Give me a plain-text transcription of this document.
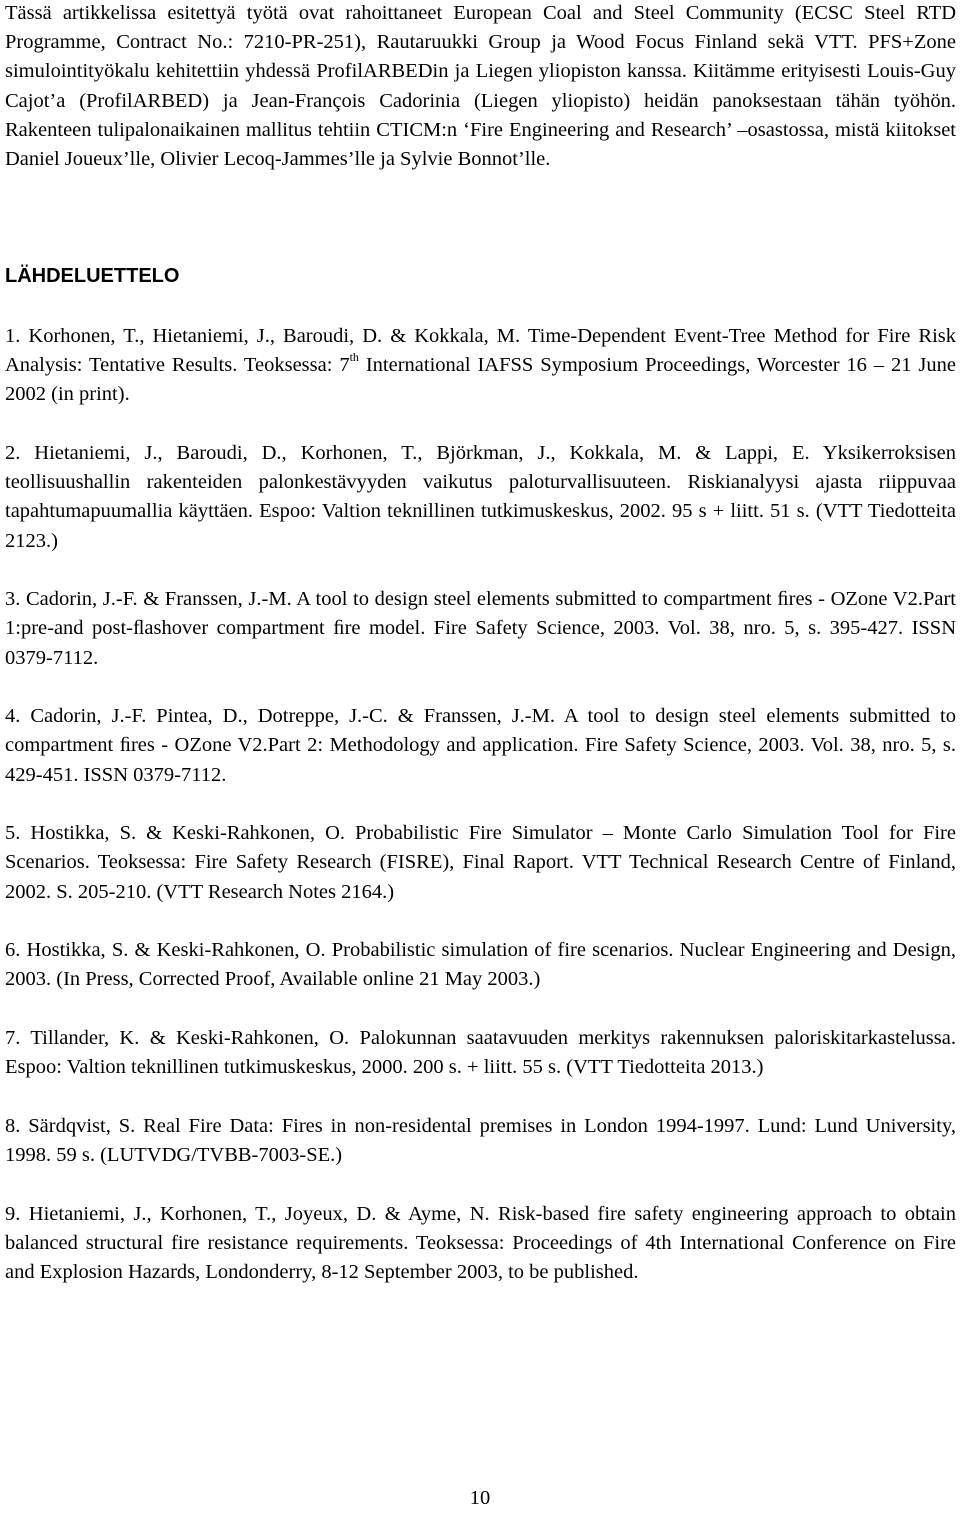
Tässä artikkelissa esitettyä työtä ovat rahoittaneet European Coal and Steel Community (ECSC Steel RTD Programme, Contract No.: 7210-PR-251), Rautaruukki Group ja Wood Focus Finland sekä VTT. PFS+Zone simulointityökalu kehitettiin yhdessä ProfilARBEDin ja Liegen yliopiston kanssa. Kiitämme erityisesti Louis-Guy Cajot’a (ProfilARBED) ja Jean-François Cadorinia (Liegen yliopisto) heidän panoksestaan tähän työhön. Rakenteen tulipalonaikainen mallitus tehtiin CTICM:n ‘Fire Engineering and Research’ –osastossa, mistä kiitokset Daniel Joueux’lle, Olivier Lecoq-Jammes’lle ja Sylvie Bonnot’lle.

LÄHDELUETTELO

1. Korhonen, T., Hietaniemi, J., Baroudi, D. & Kokkala, M. Time-Dependent Event-Tree Method for Fire Risk Analysis: Tentative Results. Teoksessa: 7th International IAFSS Symposium Proceedings, Worcester 16 – 21 June 2002 (in print).

2. Hietaniemi, J., Baroudi, D., Korhonen, T., Björkman, J., Kokkala, M. & Lappi, E. Yksikerroksisen teollisuushallin rakenteiden palonkestävyyden vaikutus paloturvallisuuteen. Riskianalyysi ajasta riippuvaa tapahtumapuumallia käyttäen. Espoo: Valtion teknillinen tutkimuskeskus, 2002. 95 s + liitt. 51 s. (VTT Tiedotteita 2123.)

3. Cadorin, J.-F. & Franssen, J.-M. A tool to design steel elements submitted to compartment ﬁres - OZone V2.Part 1:pre-and post-ﬂashover compartment ﬁre model. Fire Safety Science, 2003. Vol. 38, nro. 5, s. 395-427. ISSN 0379-7112.

4. Cadorin, J.-F. Pintea, D., Dotreppe, J.-C. & Franssen, J.-M. A tool to design steel elements submitted to compartment ﬁres - OZone V2.Part 2: Methodology and application. Fire Safety Science, 2003. Vol. 38, nro. 5, s. 429-451. ISSN 0379-7112.

5. Hostikka, S. & Keski-Rahkonen, O. Probabilistic Fire Simulator – Monte Carlo Simulation Tool for Fire Scenarios. Teoksessa: Fire Safety Research (FISRE), Final Raport. VTT Technical Research Centre of Finland, 2002. S. 205-210. (VTT Research Notes 2164.)

6. Hostikka, S. & Keski-Rahkonen, O. Probabilistic simulation of fire scenarios. Nuclear Engineering and Design, 2003. (In Press, Corrected Proof, Available online 21 May 2003.)

7. Tillander, K. & Keski-Rahkonen, O. Palokunnan saatavuuden merkitys rakennuksen paloriskitarkastelussa. Espoo: Valtion teknillinen tutkimuskeskus, 2000. 200 s. + liitt. 55 s. (VTT Tiedotteita 2013.)

8. Särdqvist, S. Real Fire Data: Fires in non-residental premises in London 1994-1997. Lund: Lund University, 1998. 59 s. (LUTVDG/TVBB-7003-SE.)

9. Hietaniemi, J., Korhonen, T., Joyeux, D. & Ayme, N. Risk-based fire safety engineering approach to obtain balanced structural fire resistance requirements. Teoksessa: Proceedings of 4th International Conference on Fire and Explosion Hazards, Londonderry, 8-12 September 2003, to be published.

10
